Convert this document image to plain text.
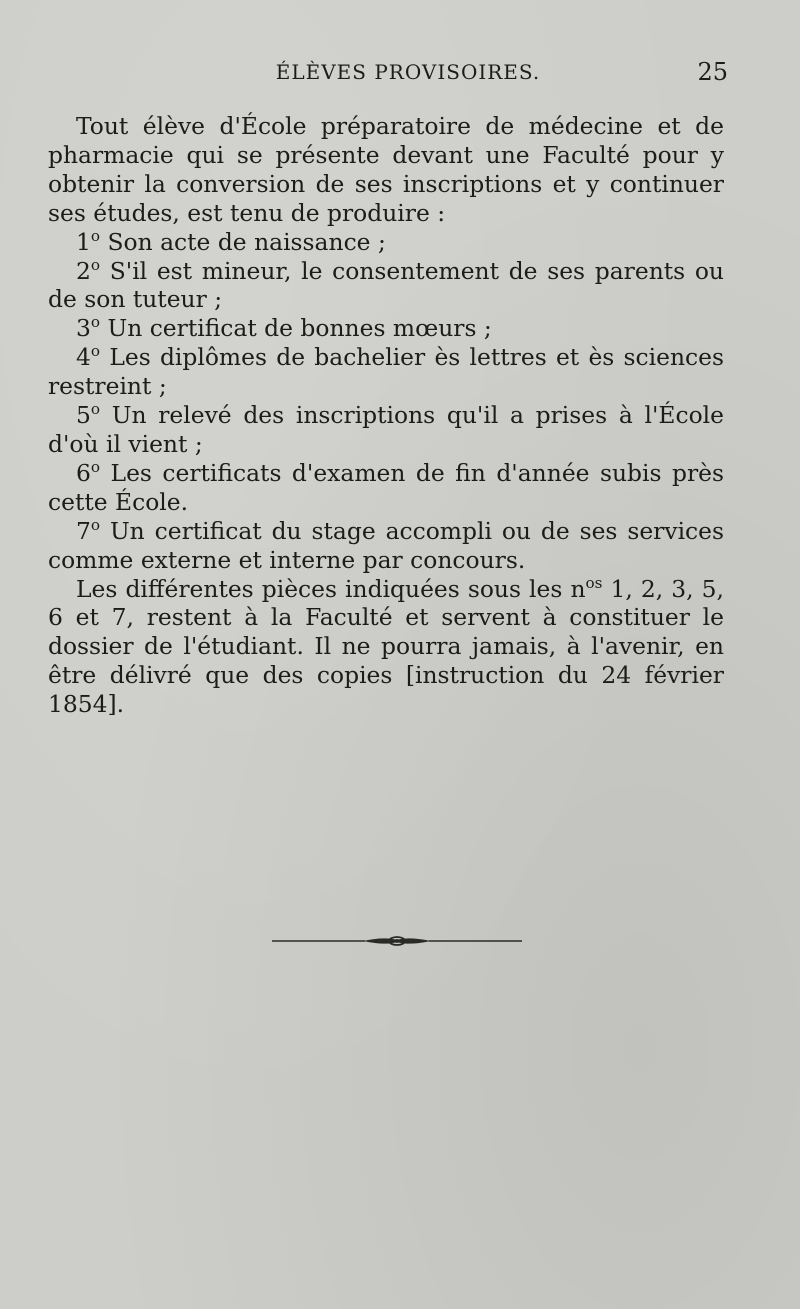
ÉLÈVES PROVISOIRES.	25

Tout élève d'École préparatoire de médecine et de pharmacie qui se présente devant une Faculté pour y obtenir la conversion de ses inscriptions et y continuer ses études, est tenu de produire :

1$^o$ Son acte de naissance ;

2$^o$ S'il est mineur, le consentement de ses parents ou de son tuteur ;

3$^o$ Un certificat de bonnes mœurs ;

4$^o$ Les diplômes de bachelier ès lettres et ès sciences restreint ;

5$^o$ Un relevé des inscriptions qu'il a prises à l'École d'où il vient ;

6$^o$ Les certificats d'examen de fin d'année subis près cette École.

7$^o$ Un certificat du stage accompli ou de ses services comme externe et interne par concours.

Les différentes pièces indiquées sous les $n^{os}$ 1, 2, 3, 5, 6 et 7, restent à la Faculté et servent à constituer le dossier de l'étudiant. Il ne pourra jamais, à l'avenir, en être délivré que des copies [instruction du 24 février 1854].
